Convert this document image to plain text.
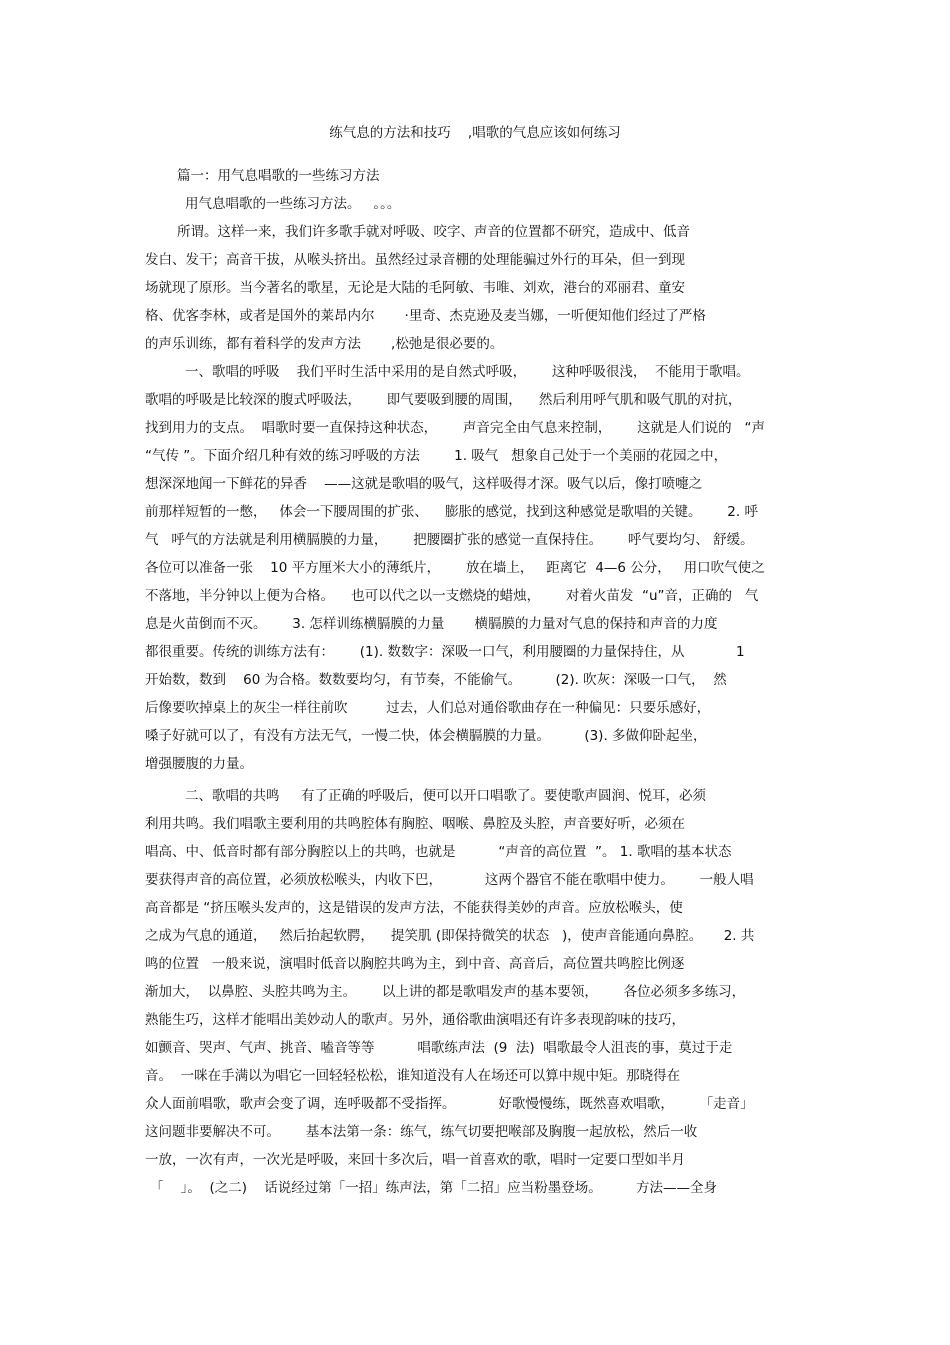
练气息的方法和技巧    ,唱歌的气息应该如何练习
篇一：用气息唱歌的一些练习方法
用气息唱歌的一些练习方法。   。。。
所谓。这样一来，我们许多歌手就对呼吸、咬字、声音的位置都不研究，造成中、低音
发白、发干；高音干拔，从喉头挤出。虽然经过录音棚的处理能骗过外行的耳朵，但一到现
场就现了原形。当今著名的歌星，无论是大陆的毛阿敏、韦唯、刘欢，港台的邓丽君、童安
格、优客李林，或者是国外的莱昂内尔       ·里奇、杰克逊及麦当娜，一听便知他们经过了严格
的声乐训练，都有着科学的发声方法       ,松弛是很必要的。
一、歌唱的呼吸    我们平时生活中采用的是自然式呼吸，      这种呼吸很浅，  不能用于歌唱。
歌唱的呼吸是比较深的腹式呼吸法，      即气要吸到腰的周围，    然后利用呼气肌和吸气肌的对抗，
找到用力的支点。  唱歌时要一直保持这种状态，      声音完全由气息来控制，      这就是人们说的   “声
“气传 ”。下面介绍几种有效的练习呼吸的方法        1. 吸气   想象自己处于一个美丽的花园之中，
想深深地闻一下鲜花的异香    ——这就是歌唱的吸气，这样吸得才深。吸气以后，像打喷嚏之
前那样短暂的一憋，   体会一下腰周围的扩张、    膨胀的感觉，找到这种感觉是歌唱的关键。      2. 呼
气   呼气的方法就是利用横膈膜的力量，      把腰圈扩张的感觉一直保持住。      呼气要均匀、 舒缓。
各位可以准备一张    10 平方厘米大小的薄纸片，      放在墙上，   距离它  4—6 公分，   用口吹气使之
不落地，半分钟以上便为合格。    也可以代之以一支燃烧的蜡烛，      对着火苗发  “u”音，正确的   气
息是火苗倒而不灭。      3. 怎样训练横膈膜的力量       横膈膜的力量对气息的保持和声音的力度
都很重要。传统的训练方法有：      (1). 数数字：深吸一口气，利用腰圈的力量保持住，从            1
开始数，数到    60 为合格。数数要均匀，有节奏，不能偷气。        (2). 吹灰：深吸一口气，  然
后像要吹掉桌上的灰尘一样往前吹         过去，人们总对通俗歌曲存在一种偏见：只要乐感好，
嗓子好就可以了，有没有方法无气，一慢二快，体会横膈膜的力量。        (3). 多做仰卧起坐，
增强腰腹的力量。
二、歌唱的共鸣     有了正确的呼吸后，便可以开口唱歌了。要使歌声圆润、悦耳，必须
利用共鸣。我们唱歌主要利用的共鸣腔体有胸腔、咽喉、鼻腔及头腔，声音要好听，必须在
唱高、中、低音时都有部分胸腔以上的共鸣，也就是          “声音的高位置  ”。 1. 歌唱的基本状态
要获得声音的高位置，必须放松喉头，内收下巴，          这两个器官不能在歌唱中使力。      一般人唱
高音都是 “挤压喉头发声的，这是错误的发声方法，不能获得美妙的声音。应放松喉头，使
之成为气息的通道，   然后抬起软腭，    提笑肌 (即保持微笑的状态   )，使声音能通向鼻腔。     2. 共
鸣的位置   一般来说，演唱时低音以胸腔共鸣为主，到中音、高音后，高位置共鸣腔比例逐
渐加大，  以鼻腔、头腔共鸣为主。      以上讲的都是歌唱发声的基本要领，      各位必须多多练习，
熟能生巧，这样才能唱出美妙动人的歌声。另外，通俗歌曲演唱还有许多表现韵味的技巧，
如颤音、哭声、气声、挑音、嗑音等等          唱歌练声法  (9  法)  唱歌最令人沮丧的事，莫过于走
音。  一咪在手满以为唱它一回轻轻松松，谁知道没有人在场还可以算中规中矩。那晓得在
众人面前唱歌，歌声会变了调，连呼吸都不受指挥。          好歌慢慢练，既然喜欢唱歌，      「走音」
这问题非要解决不可。      基本法第一条：练气，练气切要把喉部及胸腹一起放松，然后一收
一放，一次有声，一次光是呼吸，来回十多次后，唱一首喜欢的歌，唱时一定要口型如半月
「    」。  (之二)    话说经过第「一招」练声法，第「二招」应当粉墨登场。        方法——全身
